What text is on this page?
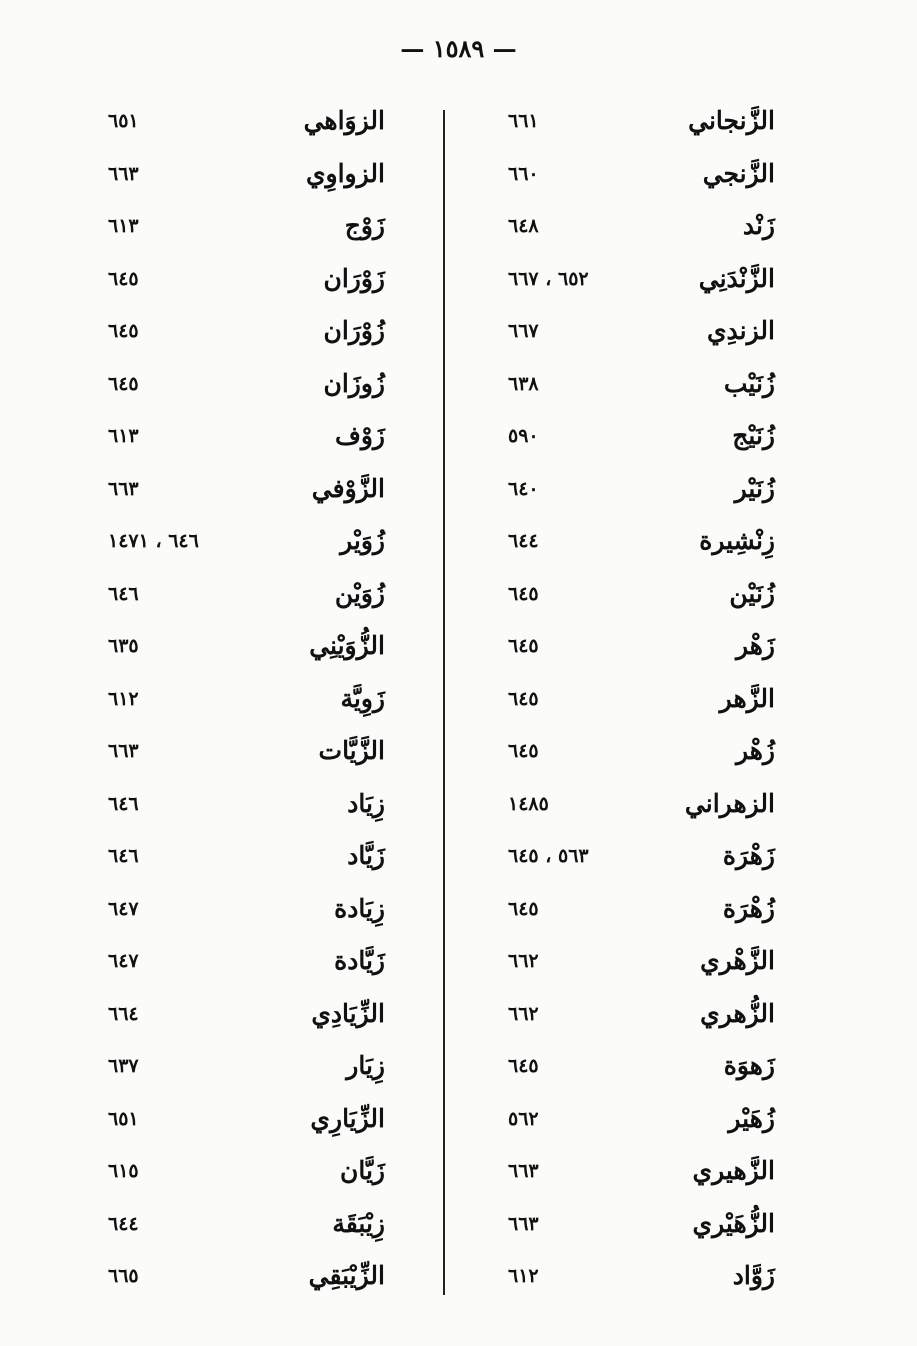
— ١٥٨٩ —
الزَّنجاني
٦٦١
الزَّنجي
٦٦٠
زَنْد
٦٤٨
الزَّنْدَنِي
٦٥٢ ، ٦٦٧
الزندِي
٦٦٧
زُنَيْب
٦٣٨
زُنَيْج
٥٩٠
زُنَيْر
٦٤٠
زِنْشِيرة
٦٤٤
زُنَيْن
٦٤٥
زَهْر
٦٤٥
الزَّهر
٦٤٥
زُهْر
٦٤٥
الزهراني
١٤٨٥
زَهْرَة
٥٦٣ ، ٦٤٥
زُهْرَة
٦٤٥
الزَّهْري
٦٦٢
الزُّهري
٦٦٢
زَهوَة
٦٤٥
زُهَيْر
٥٦٢
الزَّهيري
٦٦٣
الزُّهَيْري
٦٦٣
زَوَّاد
٦١٢
الزوَاهي
٦٥١
الزواوِي
٦٦٣
زَوْج
٦١٣
زَوْرَان
٦٤٥
زُوْرَان
٦٤٥
زُوزَان
٦٤٥
زَوْف
٦١٣
الزَّوْفي
٦٦٣
زُوَيْر
٦٤٦ ، ١٤٧١
زُوَيْن
٦٤٦
الزُّوَيْنِي
٦٣٥
زَوِيَّة
٦١٢
الزَّيَّات
٦٦٣
زِيَاد
٦٤٦
زَيَّاد
٦٤٦
زِيَادة
٦٤٧
زَيَّادة
٦٤٧
الزِّيَادِي
٦٦٤
زِيَار
٦٣٧
الزِّيَارِي
٦٥١
زَيَّان
٦١٥
زِيْبَقَة
٦٤٤
الزِّيْبَقِي
٦٦٥
